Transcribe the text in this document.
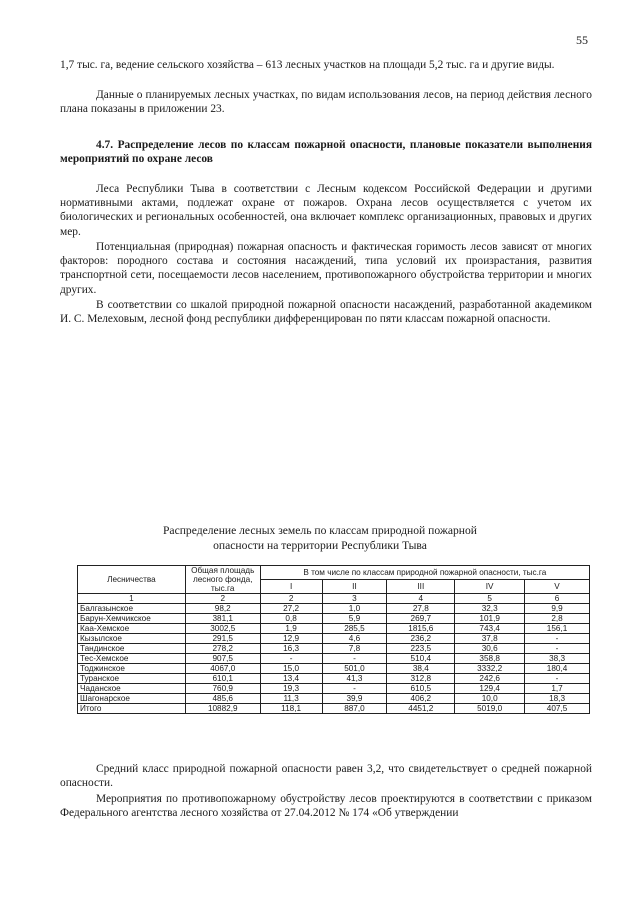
55
1,7 тыс. га, ведение сельского хозяйства – 613 лесных участков на площади 5,2 тыс. га и другие виды.
Данные о планируемых лесных участках, по видам использования лесов, на период действия лесного плана показаны в приложении 23.
4.7. Распределение лесов по классам пожарной опасности, плановые показатели выполнения мероприятий по охране лесов
Леса Республики Тыва в соответствии с Лесным кодексом Российской Федерации и другими нормативными актами, подлежат охране от пожаров. Охрана лесов осуществляется с учетом их биологических и региональных особенностей, она включает комплекс организационных, правовых и других мер.
Потенциальная (природная) пожарная опасность и фактическая горимость лесов зависят от многих факторов: породного состава и состояния насаждений, типа условий их произрастания, развития транспортной сети, посещаемости лесов населением, противопожарного обустройства территории и многих других.
В соответствии со шкалой природной пожарной опасности насаждений, разработанной академиком И. С. Мелеховым, лесной фонд республики дифференцирован по пяти классам пожарной опасности.
Распределение лесных земель по классам природной пожарной
опасности на территории Республики Тыва
Лесничества	Общая площадь лесного фонда, тыс.га	В том числе по классам природной пожарной опасности, тыс.га				
		I	II	III	IV	V
1	2	2	3	4	5	6
Балгазынское	98,2	27,2	1,0	27,8	32,3	9,9
Барун-Хемчикское	381,1	0,8	5,9	269,7	101,9	2,8
Каа-Хемское	3002,5	1,9	285,5	1815,6	743,4	156,1
Кызылское	291,5	12,9	4,6	236,2	37,8	-
Тандинское	278,2	16,3	7,8	223,5	30,6	-
Тес-Хемское	907,5	-	-	510,4	358,8	38,3
Тоджинское	4067,0	15,0	501,0	38,4	3332,2	180,4
Туранское	610,1	13,4	41,3	312,8	242,6	-
Чаданское	760,9	19,3	-	610,5	129,4	1,7
Шагонарское	485,6	11,3	39,9	406,2	10,0	18,3
Итого	10882,9	118,1	887,0	4451,2	5019,0	407,5
Средний класс природной пожарной опасности равен 3,2, что свидетельствует о средней пожарной опасности.
Мероприятия по противопожарному обустройству лесов проектируются в соответствии с приказом Федерального агентства лесного хозяйства от 27.04.2012 № 174 «Об утверждении
